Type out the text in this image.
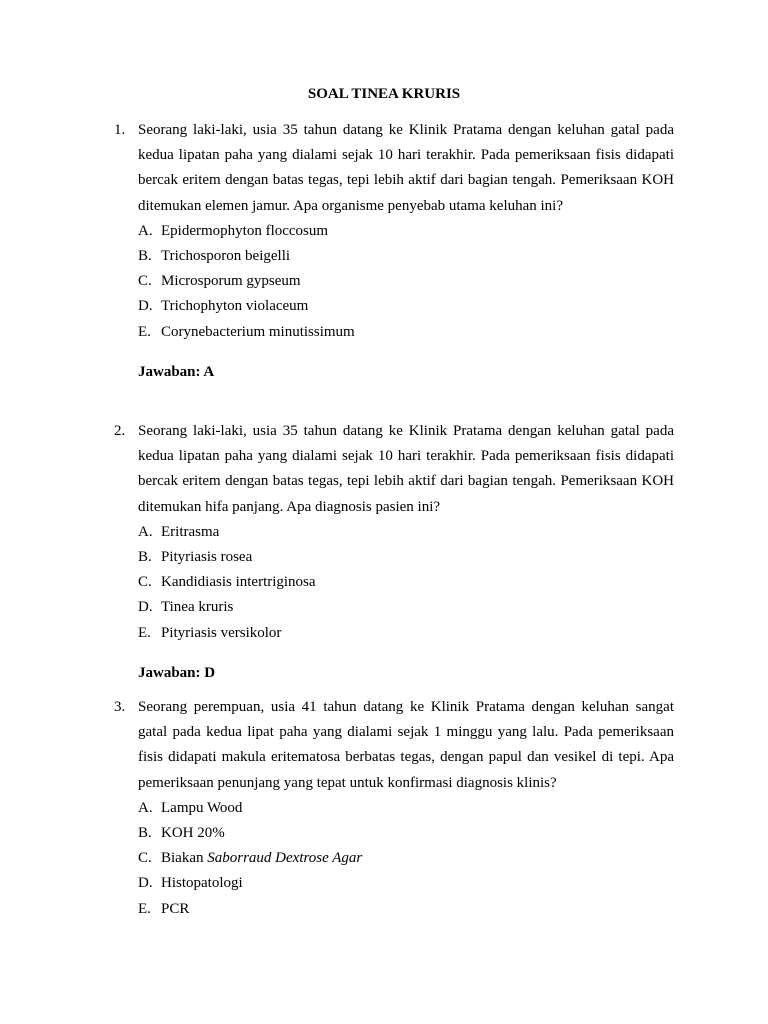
SOAL TINEA KRURIS
1. Seorang laki-laki, usia 35 tahun datang ke Klinik Pratama dengan keluhan gatal pada kedua lipatan paha yang dialami sejak 10 hari terakhir. Pada pemeriksaan fisis didapati bercak eritem dengan batas tegas, tepi lebih aktif dari bagian tengah. Pemeriksaan KOH ditemukan elemen jamur. Apa organisme penyebab utama keluhan ini?
A. Epidermophyton floccosum
B. Trichosporon beigelli
C. Microsporum gypseum
D. Trichophyton violaceum
E. Corynebacterium minutissimum
Jawaban: A
2. Seorang laki-laki, usia 35 tahun datang ke Klinik Pratama dengan keluhan gatal pada kedua lipatan paha yang dialami sejak 10 hari terakhir. Pada pemeriksaan fisis didapati bercak eritem dengan batas tegas, tepi lebih aktif dari bagian tengah. Pemeriksaan KOH ditemukan hifa panjang. Apa diagnosis pasien ini?
A. Eritrasma
B. Pityriasis rosea
C. Kandidiasis intertriginosa
D. Tinea kruris
E. Pityriasis versikolor
Jawaban: D
3. Seorang perempuan, usia 41 tahun datang ke Klinik Pratama dengan keluhan sangat gatal pada kedua lipat paha yang dialami sejak 1 minggu yang lalu. Pada pemeriksaan fisis didapati makula eritematosa berbatas tegas, dengan papul dan vesikel di tepi. Apa pemeriksaan penunjang yang tepat untuk konfirmasi diagnosis klinis?
A. Lampu Wood
B. KOH 20%
C. Biakan Saborraud Dextrose Agar
D. Histopatologi
E. PCR
